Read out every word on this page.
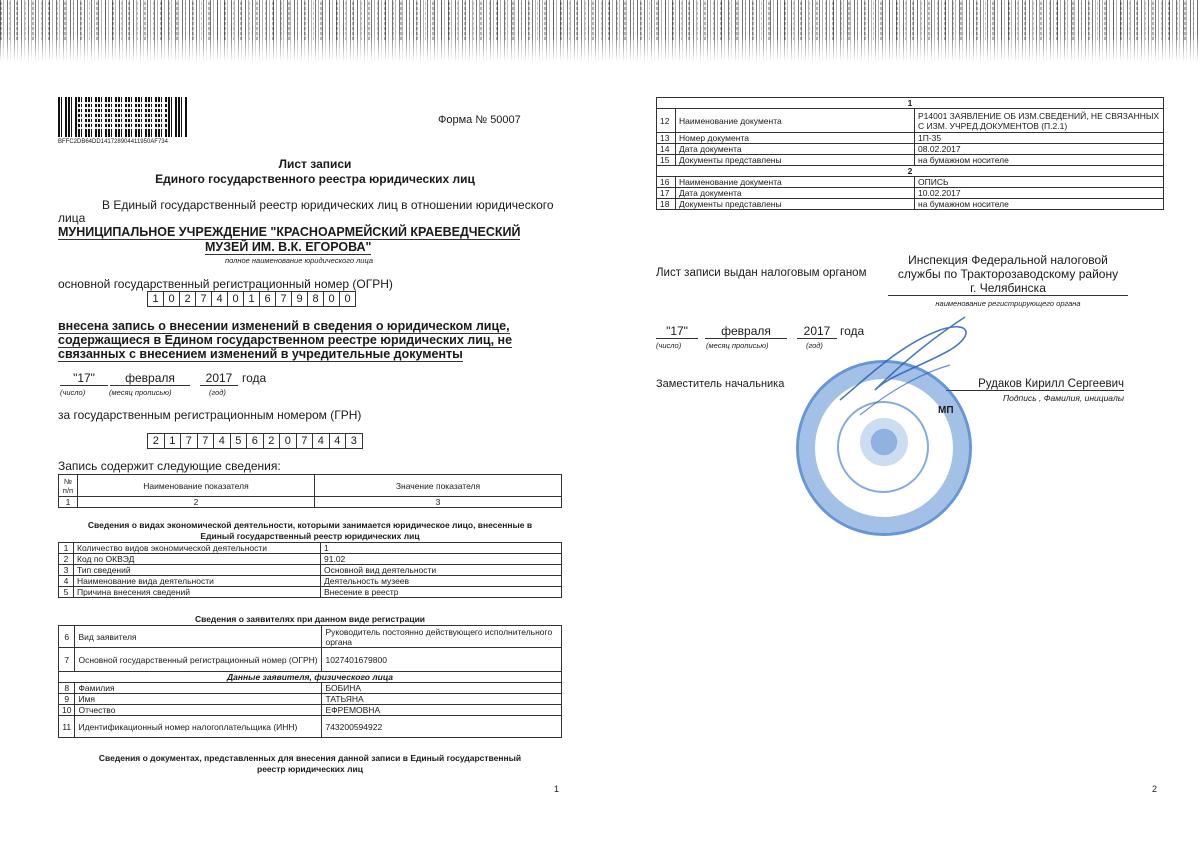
BFFC2DB64DD141728904411950AF734
Форма № 50007
Лист записи
Единого государственного реестра юридических лиц
В Единый государственный реестр юридических лиц в отношении юридического
лица
МУНИЦИПАЛЬНОЕ УЧРЕЖДЕНИЕ "КРАСНОАРМЕЙСКИЙ КРАЕВЕДЧЕСКИЙ
МУЗЕЙ ИМ. В.К. ЕГОРОВА"
полное наименование юридического лица
основной государственный регистрационный номер (ОГРН)
1 0 2 7 4 0 1 6 7 9 8 0 0
внесена запись о внесении изменений в сведения о юридическом лице,
содержащиеся в Едином государственном реестре юридических лиц, не
связанных с внесением изменений в учредительные документы
"17"	февраля	2017 года
(число)	(месяц прописью)	(год)
за государственным регистрационным номером (ГРН)
2 1 7 7 4 5 6 2 0 7 4 4 3
Запись содержит следующие сведения:
№ п/п	Наименование показателя	Значение показателя
1	2	3
Сведения о видах экономической деятельности, которыми занимается юридическое лицо, внесенные в
Единый государственный реестр юридических лиц
1	Количество видов экономической деятельности	1
2	Код по ОКВЭД	91.02
3	Тип сведений	Основной вид деятельности
4	Наименование вида деятельности	Деятельность музеев
5	Причина внесения сведений	Внесение в реестр
Сведения о заявителях при данном виде регистрации
6	Вид заявителя	Руководитель постоянно действующего исполнительного органа
7	Основной государственный регистрационный номер (ОГРН)	1027401679800
Данные заявителя, физического лица		
8	Фамилия	БОБИНА
9	Имя	ТАТЬЯНА
10	Отчество	ЕФРЕМОВНА
11	Идентификационный номер налогоплательщика (ИНН)	743200594922
Сведения о документах, представленных для внесения данной записи в Единый государственный
реестр юридических лиц
1
1		
12	Наименование документа	Р14001 ЗАЯВЛЕНИЕ ОБ ИЗМ.СВЕДЕНИЙ, НЕ СВЯЗАННЫХ С ИЗМ. УЧРЕД.ДОКУМЕНТОВ (П.2.1)
13	Номер документа	1П-35
14	Дата документа	08.02.2017
15	Документы представлены	на бумажном носителе
2		
16	Наименование документа	ОПИСЬ
17	Дата документа	10.02.2017
18	Документы представлены	на бумажном носителе
Лист записи выдан налоговым органом
Инспекция Федеральной налоговой
службы по Тракторозаводскому району
г. Челябинска
наименование регистрирующего органа
"17"	февраля	2017 года
(число)	(месяц прописью)	(год)
Заместитель начальника	Рудаков Кирилл Сергеевич
Подпись , Фамилия, инициалы
МП
2
